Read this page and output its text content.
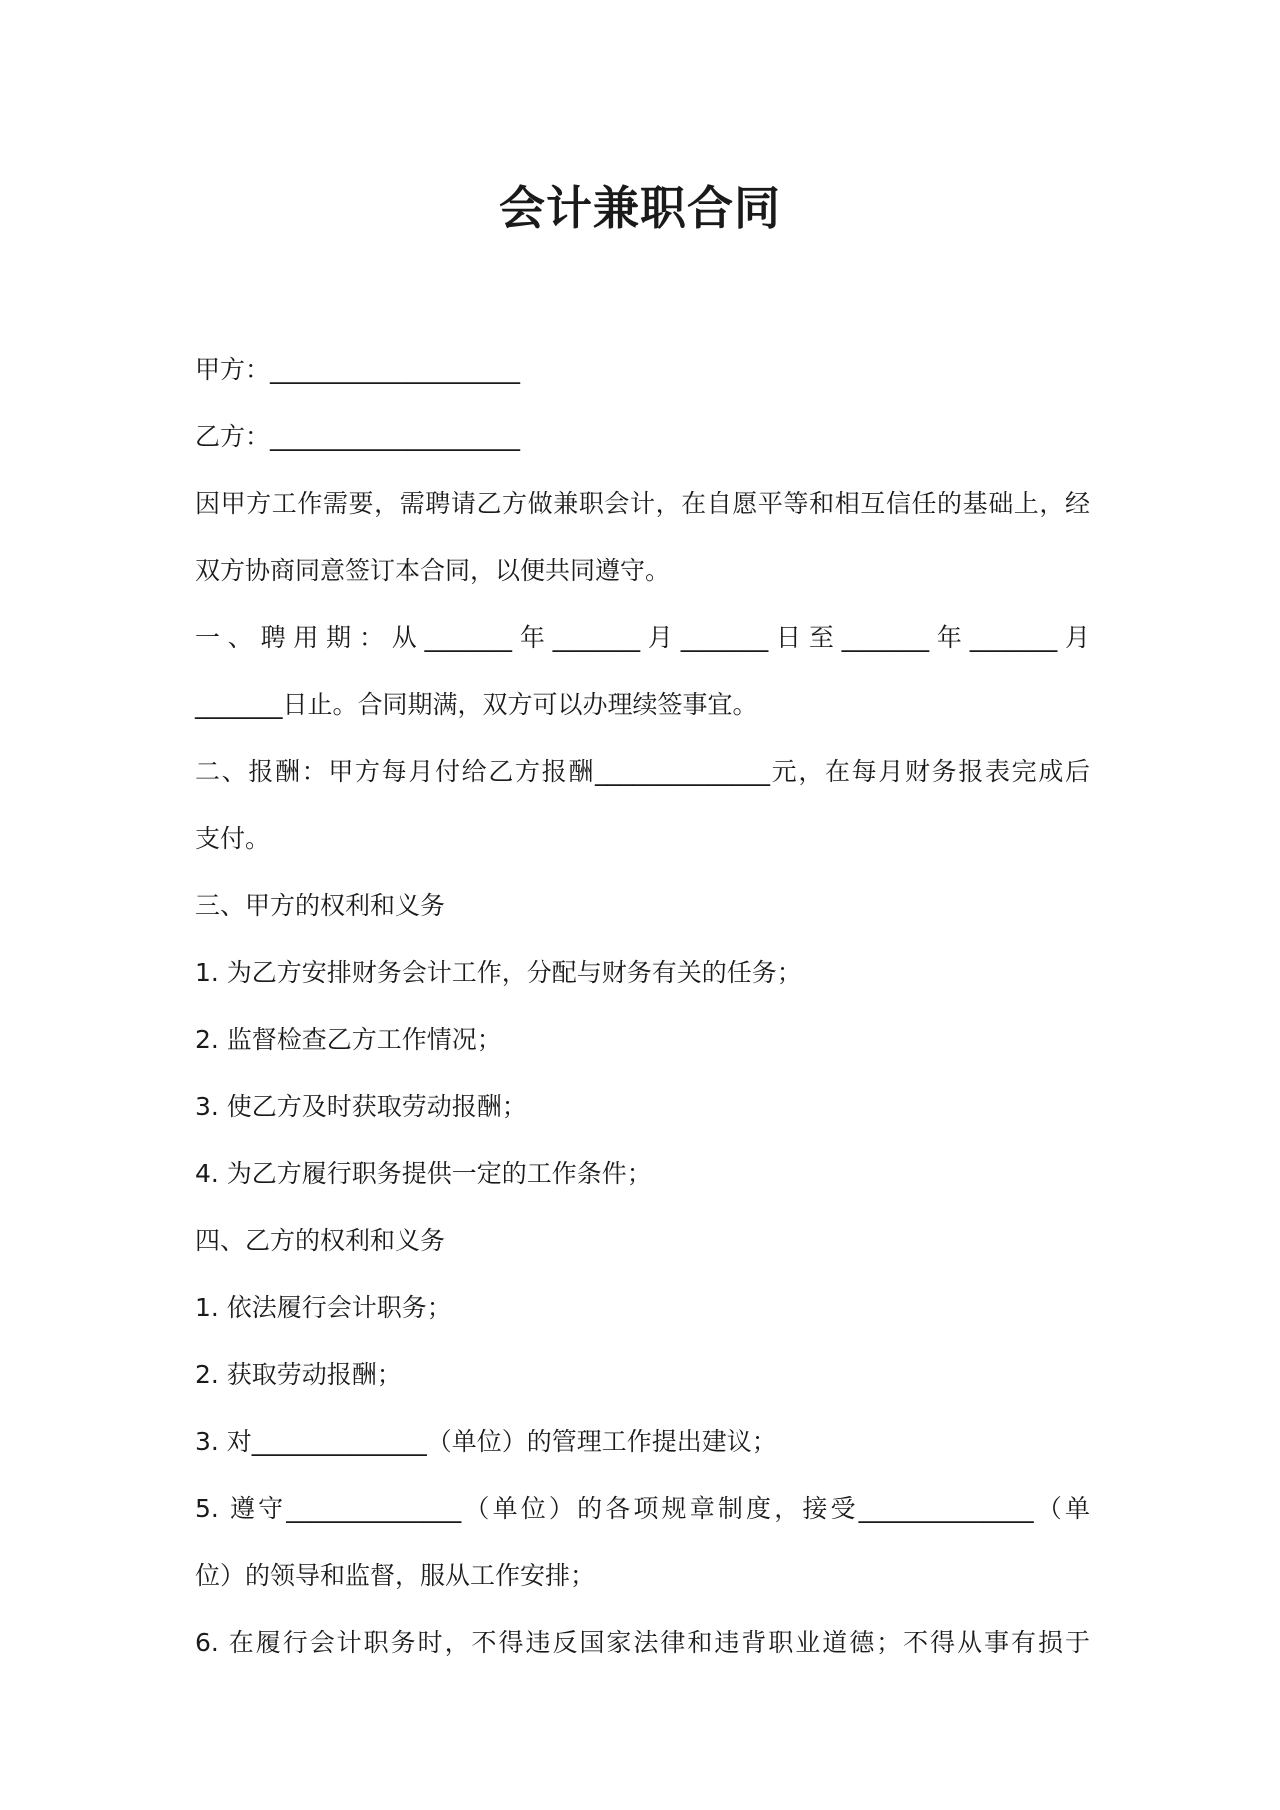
会计兼职合同
甲方：____________________
乙方：____________________
因甲方工作需要，需聘请乙方做兼职会计，在自愿平等和相互信任的基础上，经
双方协商同意签订本合同，以便共同遵守。
一、聘用期：从_______年_______月_______日至_______年_______月
_______日止。合同期满，双方可以办理续签事宜。
二、报酬：甲方每月付给乙方报酬______________元，在每月财务报表完成后
支付。
三、甲方的权利和义务
1. 为乙方安排财务会计工作，分配与财务有关的任务；
2. 监督检查乙方工作情况；
3. 使乙方及时获取劳动报酬；
4. 为乙方履行职务提供一定的工作条件；
四、乙方的权利和义务
1. 依法履行会计职务；
2. 获取劳动报酬；
3. 对______________（单位）的管理工作提出建议；
5. 遵守______________（单位）的各项规章制度，接受______________（单
位）的领导和监督，服从工作安排；
6. 在履行会计职务时，不得违反国家法律和违背职业道德；不得从事有损于
